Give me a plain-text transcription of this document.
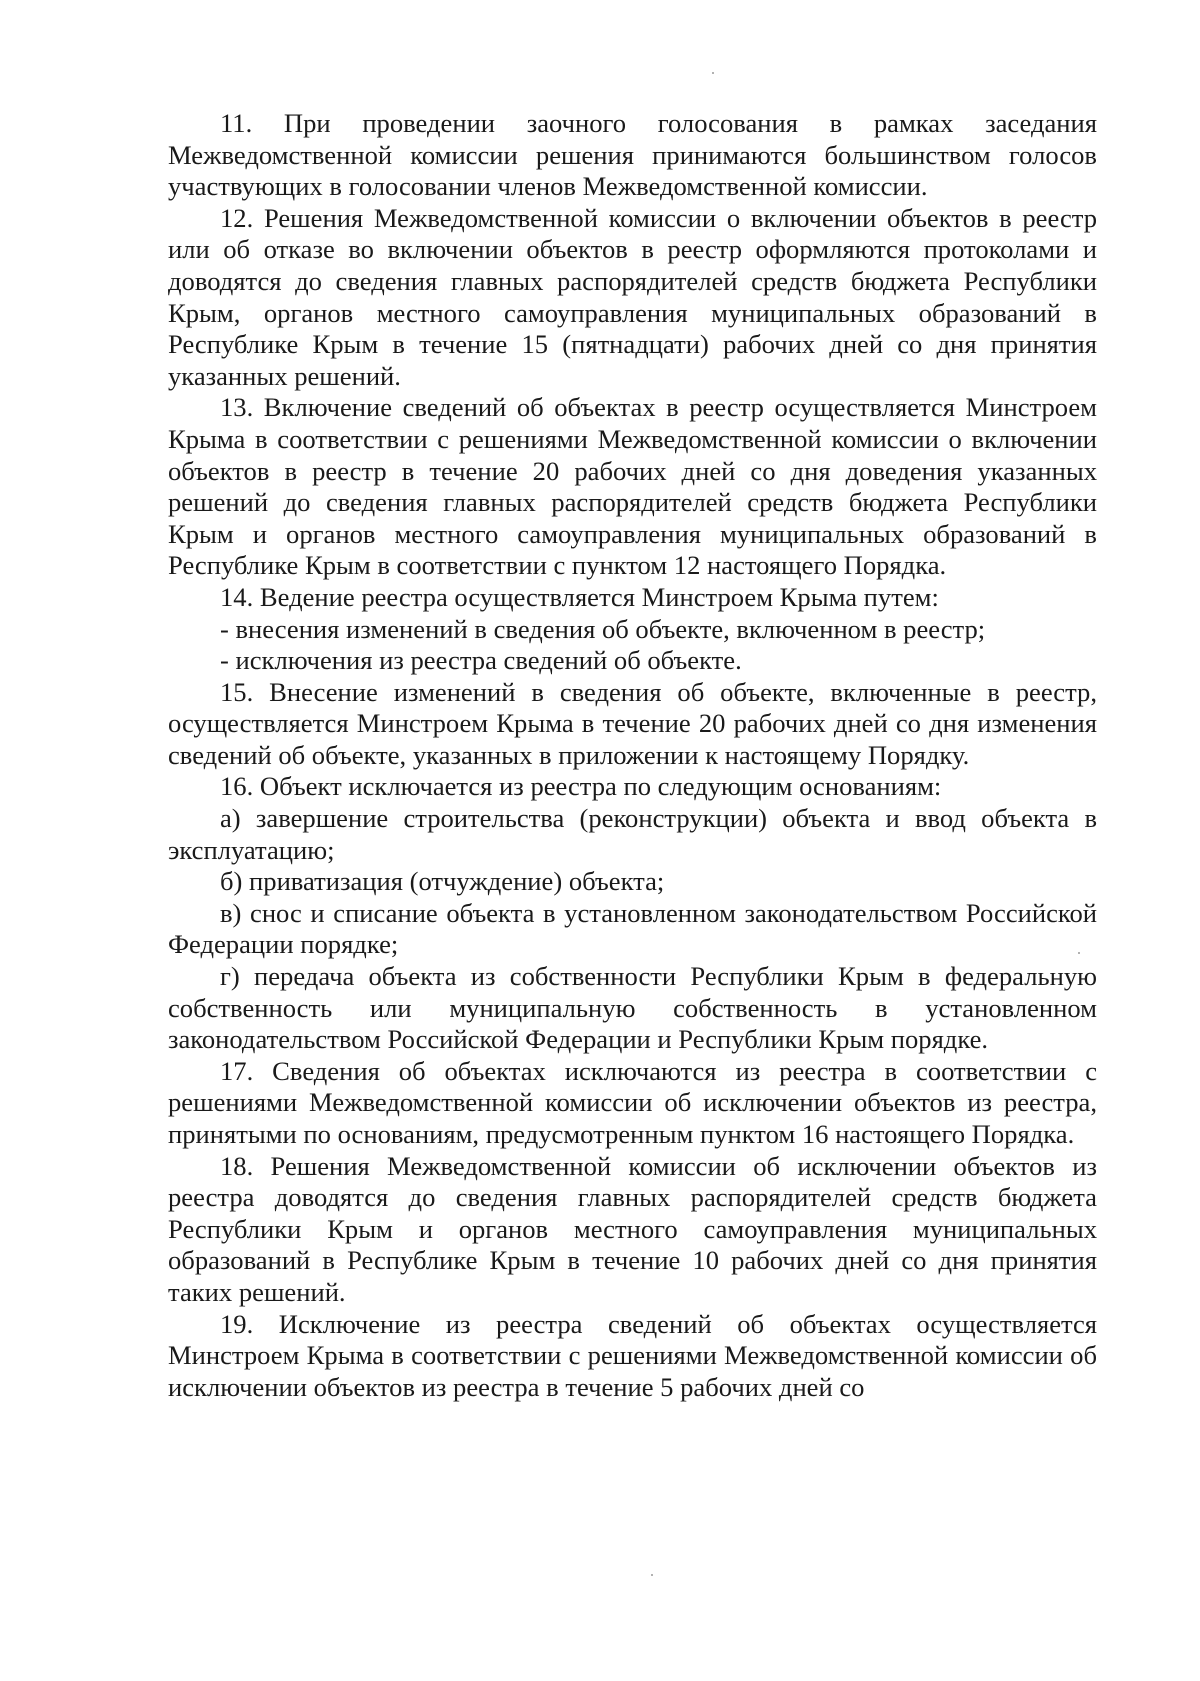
11. При проведении заочного голосования в рамках заседания Межведомственной комиссии решения принимаются большинством голосов участвующих в голосовании членов Межведомственной комиссии.

12. Решения Межведомственной комиссии о включении объектов в реестр или об отказе во включении объектов в реестр оформляются протоколами и доводятся до сведения главных распорядителей средств бюджета Республики Крым, органов местного самоуправления муниципальных образований в Республике Крым в течение 15 (пятнадцати) рабочих дней со дня принятия указанных решений.

13. Включение сведений об объектах в реестр осуществляется Минстроем Крыма в соответствии с решениями Межведомственной комиссии о включении объектов в реестр в течение 20 рабочих дней со дня доведения указанных решений до сведения главных распорядителей средств бюджета Республики Крым и органов местного самоуправления муниципальных образований в Республике Крым в соответствии с пунктом 12 настоящего Порядка.

14. Ведение реестра осуществляется Минстроем Крыма путем:

- внесения изменений в сведения об объекте, включенном в реестр;

- исключения из реестра сведений об объекте.

15. Внесение изменений в сведения об объекте, включенные в реестр, осуществляется Минстроем Крыма в течение 20 рабочих дней со дня изменения сведений об объекте, указанных в приложении к настоящему Порядку.

16. Объект исключается из реестра по следующим основаниям:

а) завершение строительства (реконструкции) объекта и ввод объекта в эксплуатацию;

б) приватизация (отчуждение) объекта;

в) снос и списание объекта в установленном законодательством Российской Федерации порядке;

г) передача объекта из собственности Республики Крым в федеральную собственность или муниципальную собственность в установленном законодательством Российской Федерации и Республики Крым порядке.

17. Сведения об объектах исключаются из реестра в соответствии с решениями Межведомственной комиссии об исключении объектов из реестра, принятыми по основаниям, предусмотренным пунктом 16 настоящего Порядка.

18. Решения Межведомственной комиссии об исключении объектов из реестра доводятся до сведения главных распорядителей средств бюджета Республики Крым и органов местного самоуправления муниципальных образований в Республике Крым в течение 10 рабочих дней со дня принятия таких решений.

19. Исключение из реестра сведений об объектах осуществляется Минстроем Крыма в соответствии с решениями Межведомственной комиссии об исключении объектов из реестра в течение 5 рабочих дней со
